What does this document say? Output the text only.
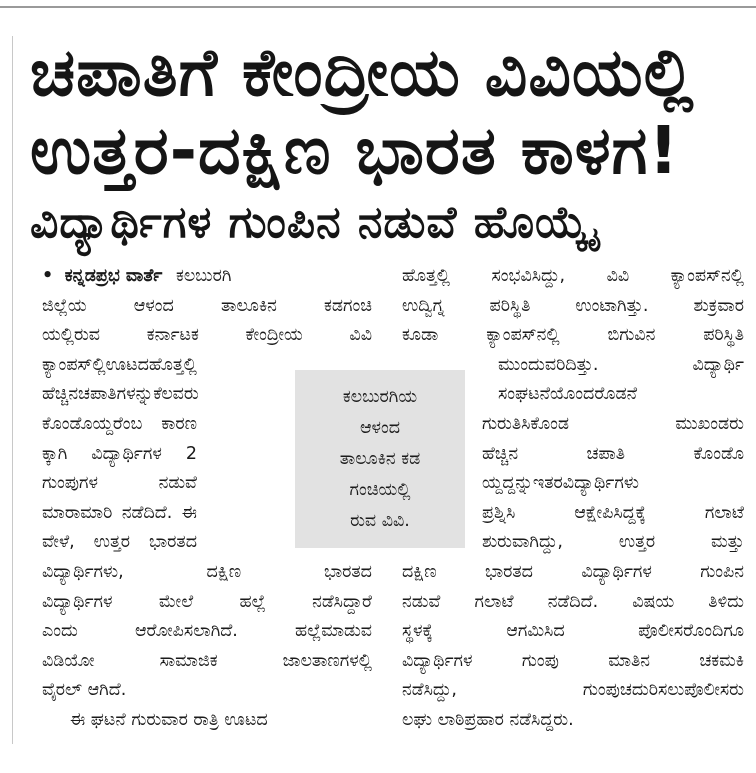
ಚಪಾತಿಗೆ ಕೇಂದ್ರೀಯ ವಿವಿಯಲ್ಲಿ
ಉತ್ತರ-ದಕ್ಷಿಣ ಭಾರತ ಕಾಳಗ!
ವಿದ್ಯಾರ್ಥಿಗಳ ಗುಂಪಿನ ನಡುವೆ ಹೊಯ್ಕೈ
• ಕನ್ನಡಪ್ರಭ ವಾರ್ತೆ ಕಲಬುರಗಿ
ಜಿಲ್ಲೆಯ ಆಳಂದ ತಾಲೂಕಿನ ಕಡಗಂಚಿ
ಯಲ್ಲಿರುವ ಕರ್ನಾಟಕ ಕೇಂದ್ರೀಯ ವಿವಿ
ಕ್ಯಾಂಪಸ್‌ಲ್ಲಿಊಟದಹೊತ್ತಲ್ಲಿ
ಹೆಚ್ಚಿನಚಪಾತಿಗಳನ್ನುಕೆಲವರು
ಕೊಂಡೊಯ್ದರೆಂಬ ಕಾರಣ
ಕ್ಕಾಗಿ ವಿದ್ಯಾರ್ಥಿಗಳ 2
ಗುಂಪುಗಳ ನಡುವೆ
ಮಾರಾಮಾರಿ ನಡೆದಿದೆ. ಈ
ವೇಳೆ, ಉತ್ತರ ಭಾರತದ
ವಿದ್ಯಾರ್ಥಿಗಳು, ದಕ್ಷಿಣ ಭಾರತದ
ವಿದ್ಯಾರ್ಥಿಗಳ ಮೇಲೆ ಹಲ್ಲೆ ನಡೆಸಿದ್ದಾರೆ
ಎಂದು ಆರೋಪಿಸಲಾಗಿದೆ. ಹಲ್ಲೆಮಾಡುವ
ವಿಡಿಯೋ ಸಾಮಾಜಿಕ ಜಾಲತಾಣಗಳಲ್ಲಿ
ವೈರಲ್ ಆಗಿದೆ.
ಈ ಘಟನೆ ಗುರುವಾರ ರಾತ್ರಿ ಊಟದ
ಹೊತ್ತಲ್ಲಿ ಸಂಭವಿಸಿದ್ದು, ವಿವಿ ಕ್ಯಾಂಪಸ್‌ನಲ್ಲಿ
ಉದ್ವಿಗ್ನ ಪರಿಸ್ಥಿತಿ ಉಂಟಾಗಿತ್ತು. ಶುಕ್ರವಾರ
ಕೂಡಾ ಕ್ಯಾಂಪಸ್‌ನಲ್ಲಿ ಬಿಗುವಿನ ಪರಿಸ್ಥಿತಿ
ಮುಂದುವರಿದಿತ್ತು. ವಿದ್ಯಾರ್ಥಿ
ಸಂಘಟನೆಯೊಂದರೊಡನೆ
ಗುರುತಿಸಿಕೊಂಡ ಮುಖಂಡರು
ಹೆಚ್ಚಿನ ಚಪಾತಿ ಕೊಂಡೊ
ಯ್ದದ್ದನ್ನುಇತರವಿದ್ಯಾರ್ಥಿಗಳು
ಪ್ರಶ್ನಿಸಿ ಆಕ್ಷೇಪಿಸಿದ್ದಕ್ಕೆ ಗಲಾಟೆ
ಶುರುವಾಗಿದ್ದು, ಉತ್ತರ ಮತ್ತು
ದಕ್ಷಿಣ ಭಾರತದ ವಿದ್ಯಾರ್ಥಿಗಳ ಗುಂಪಿನ
ನಡುವೆ ಗಲಾಟೆ ನಡೆದಿದೆ. ವಿಷಯ ತಿಳಿದು
ಸ್ಥಳಕ್ಕೆ ಆಗಮಿಸಿದ ಪೊಲೀಸರೊಂದಿಗೂ
ವಿದ್ಯಾರ್ಥಿಗಳ ಗುಂಪು ಮಾತಿನ ಚಕಮಕಿ
ನಡೆಸಿದ್ದು, ಗುಂಪುಚದುರಿಸಲುಪೊಲೀಸರು
ಲಘು ಲಾಠಿಪ್ರಹಾರ ನಡೆಸಿದ್ದರು.
ಕಲಬುರಗಿಯ
ಆಳಂದ
ತಾಲೂಕಿನ ಕಡ
ಗಂಚಿಯಲ್ಲಿ
ರುವ ವಿವಿ.
